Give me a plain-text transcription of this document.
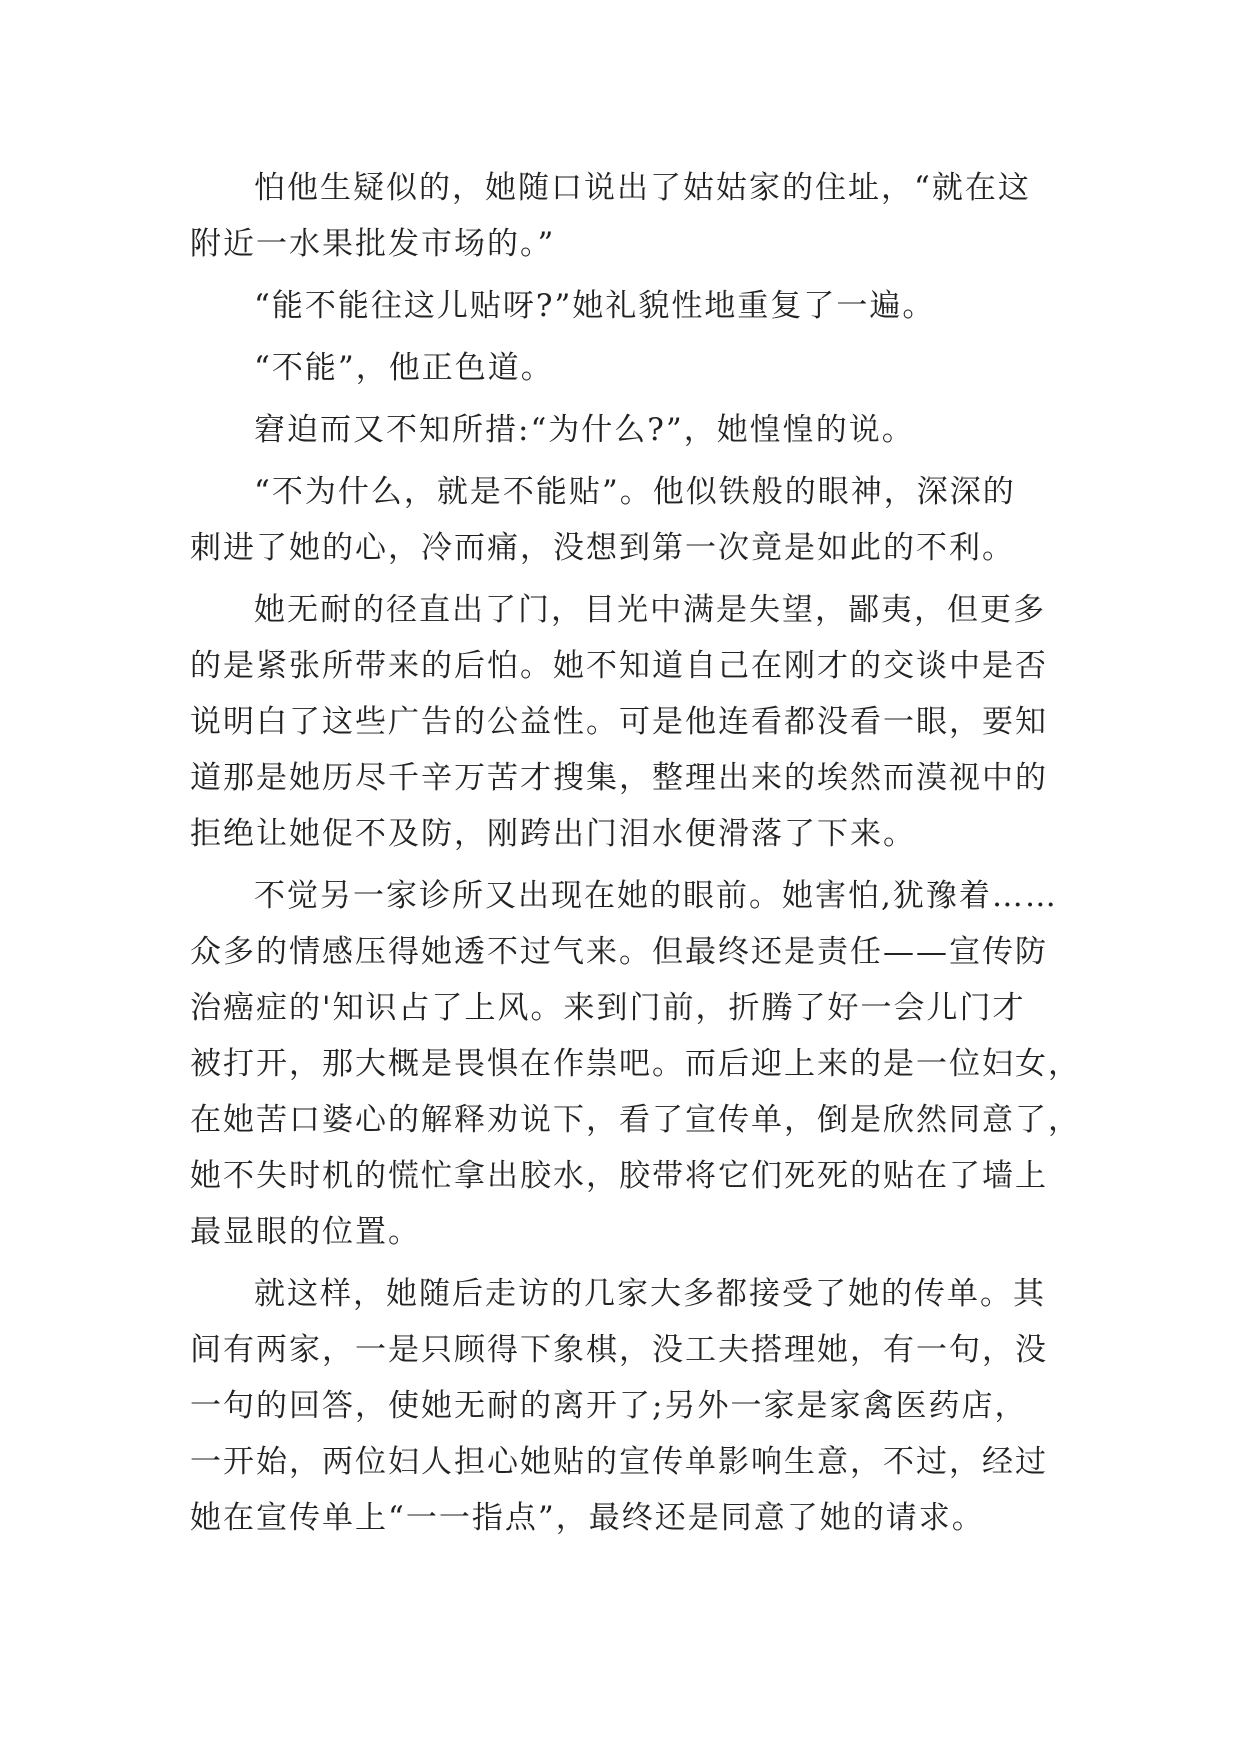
怕他生疑似的，她随口说出了姑姑家的住址，“就在这
附近一水果批发市场的。”
“能不能往这儿贴呀?”她礼貌性地重复了一遍。
“不能”，他正色道。
窘迫而又不知所措:“为什么?”，她惶惶的说。
“不为什么，就是不能贴”。他似铁般的眼神，深深的
刺进了她的心，冷而痛，没想到第一次竟是如此的不利。
她无耐的径直出了门，目光中满是失望，鄙夷，但更多
的是紧张所带来的后怕。她不知道自己在刚才的交谈中是否
说明白了这些广告的公益性。可是他连看都没看一眼，要知
道那是她历尽千辛万苦才搜集，整理出来的埃然而漠视中的
拒绝让她促不及防，刚跨出门泪水便滑落了下来。
不觉另一家诊所又出现在她的眼前。她害怕,犹豫着……
众多的情感压得她透不过气来。但最终还是责任——宣传防
治癌症的'知识占了上风。来到门前，折腾了好一会儿门才
被打开，那大概是畏惧在作祟吧。而后迎上来的是一位妇女，
在她苦口婆心的解释劝说下，看了宣传单，倒是欣然同意了，
她不失时机的慌忙拿出胶水，胶带将它们死死的贴在了墙上
最显眼的位置。
就这样，她随后走访的几家大多都接受了她的传单。其
间有两家，一是只顾得下象棋，没工夫搭理她，有一句，没
一句的回答，使她无耐的离开了;另外一家是家禽医药店，
一开始，两位妇人担心她贴的宣传单影响生意，不过，经过
她在宣传单上“一一指点”，最终还是同意了她的请求。
